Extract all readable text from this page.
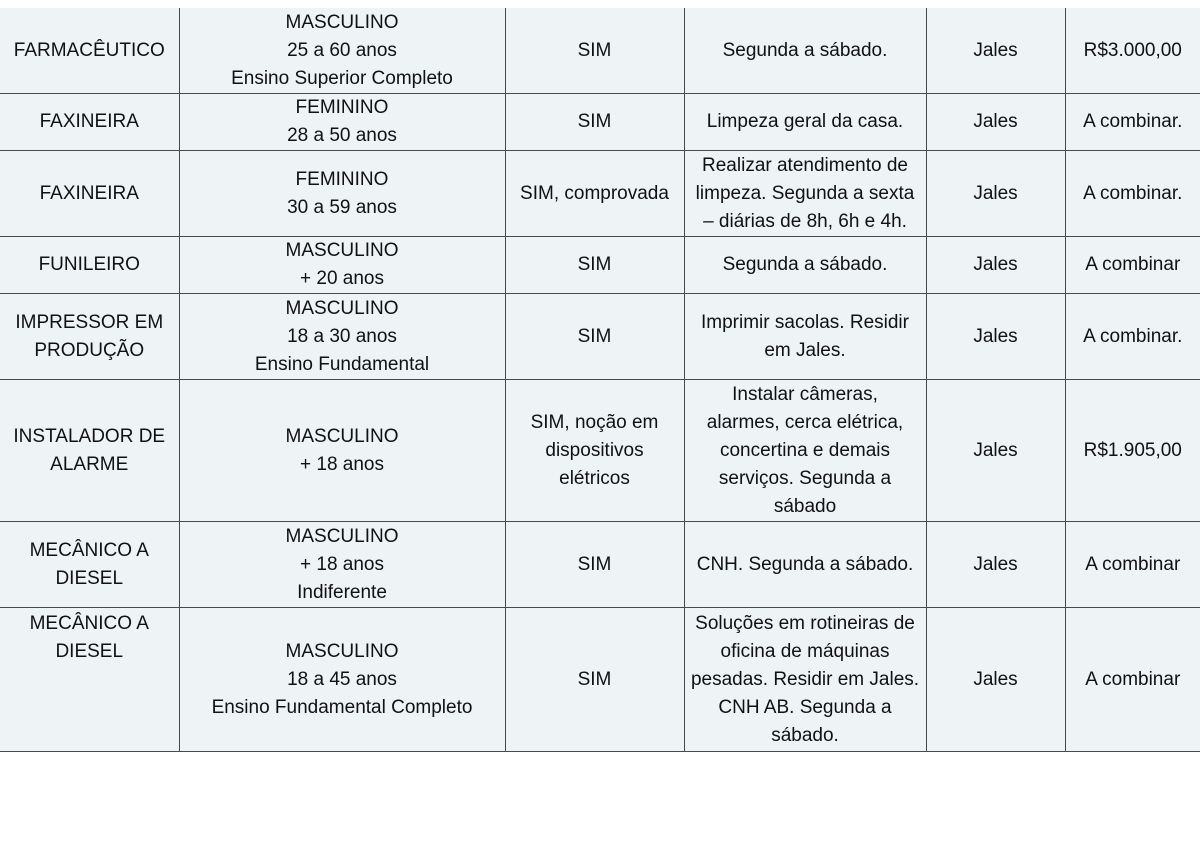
FARMACÊUTICO	MASCULINO
25 a 60 anos
Ensino Superior Completo	SIM	Segunda a sábado.	Jales	R$3.000,00
FAXINEIRA	FEMININO
28 a 50 anos	SIM	Limpeza geral da casa.	Jales	A combinar.
FAXINEIRA	FEMININO
30 a 59 anos	SIM, comprovada	Realizar atendimento de
limpeza. Segunda a sexta
– diárias de 8h, 6h e 4h.	Jales	A combinar.
FUNILEIRO	MASCULINO
+ 20 anos	SIM	Segunda a sábado.	Jales	A combinar
IMPRESSOR EM
PRODUÇÃO	MASCULINO
18 a 30 anos
Ensino Fundamental	SIM	Imprimir sacolas. Residir
em Jales.	Jales	A combinar.
INSTALADOR DE
ALARME	MASCULINO
+ 18 anos	SIM, noção em
dispositivos
elétricos	Instalar câmeras,
alarmes, cerca elétrica,
concertina e demais
serviços. Segunda a
sábado	Jales	R$1.905,00
MECÂNICO A
DIESEL	MASCULINO
+ 18 anos
Indiferente	SIM	CNH. Segunda a sábado.	Jales	A combinar
MECÂNICO A
DIESEL	MASCULINO
18 a 45 anos
Ensino Fundamental Completo	SIM	Soluções em rotineiras de
oficina de máquinas
pesadas. Residir em Jales.
CNH AB. Segunda a
sábado.	Jales	A combinar
